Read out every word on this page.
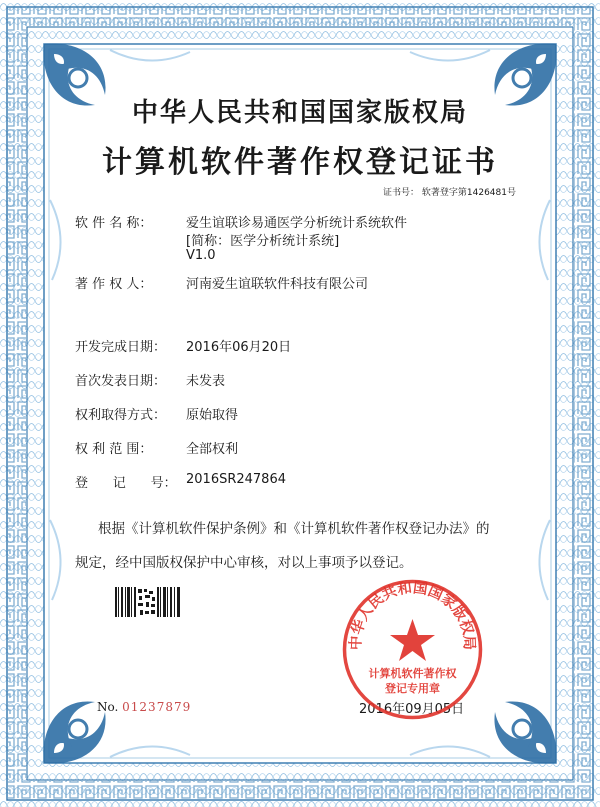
中华人民共和国国家版权局
计算机软件著作权登记证书
证书号： 软著登字第1426481号
软 件 名 称：	爱生谊联诊易通医学分析统计系统软件
[简称：医学分析统计系统]
V1.0
著 作 权 人：	河南爱生谊联软件科技有限公司
开发完成日期： 2016年06月20日
首次发表日期： 未发表
权利取得方式： 原始取得
权 利 范 围：	全部权利
登      记      号： 2016SR247864
根据《计算机软件保护条例》和《计算机软件著作权登记办法》的
规定，经中国版权保护中心审核，对以上事项予以登记。
No. 01237879	2016年09月05日
中华人民共和国国家版权局
计算机软件著作权
登记专用章
